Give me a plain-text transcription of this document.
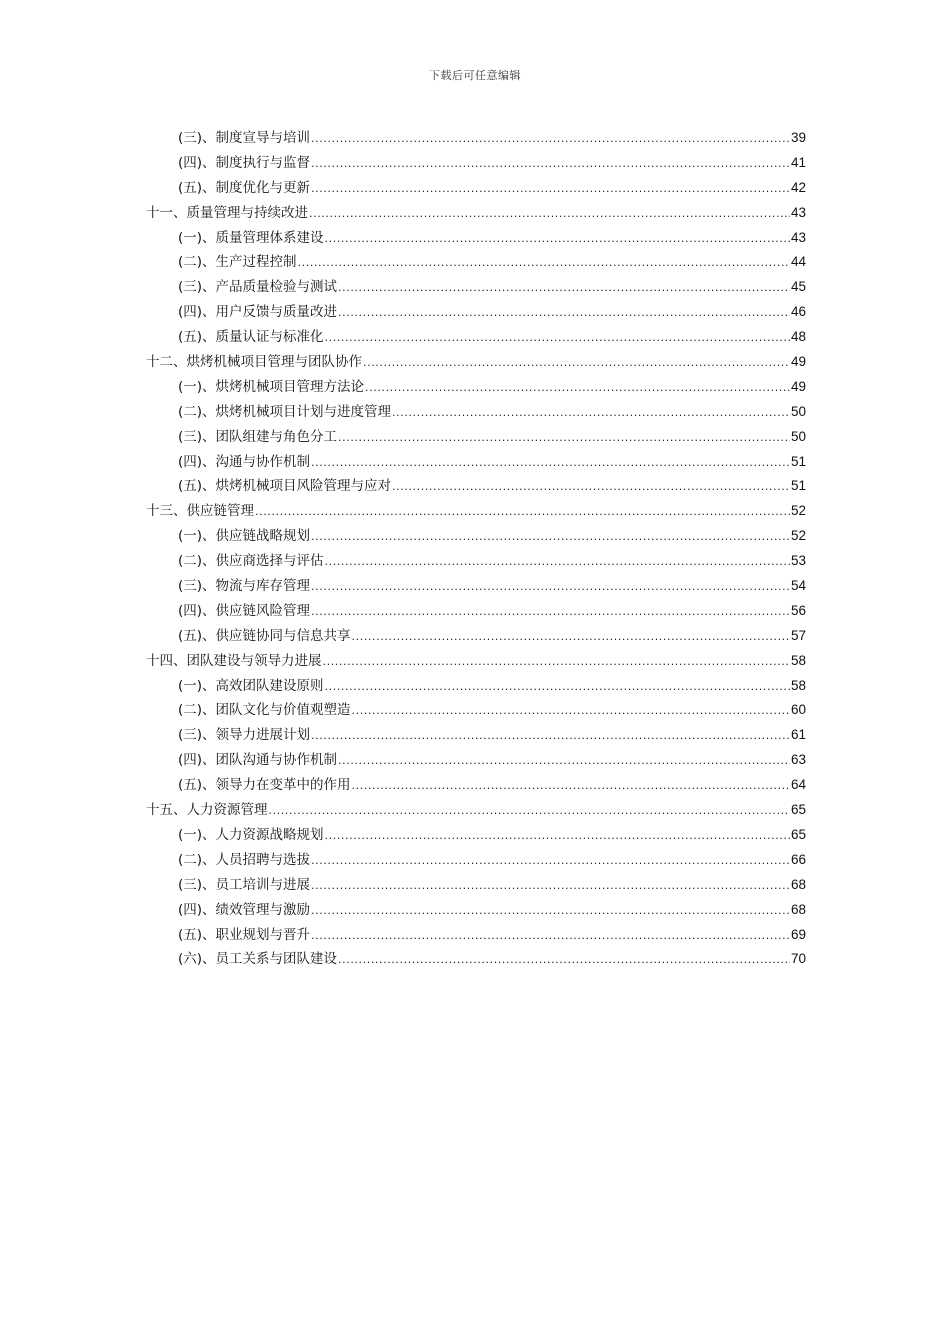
下载后可任意编辑
(三)、制度宣导与培训 .....	39
(四)、制度执行与监督 .....	41
(五)、制度优化与更新 .....	42
十一、质量管理与持续改进 .....	43
(一)、质量管理体系建设 .....	43
(二)、生产过程控制 .....	44
(三)、产品质量检验与测试 .....	45
(四)、用户反馈与质量改进 .....	46
(五)、质量认证与标准化 .....	48
十二、烘烤机械项目管理与团队协作 .....	49
(一)、烘烤机械项目管理方法论 .....	49
(二)、烘烤机械项目计划与进度管理 .....	50
(三)、团队组建与角色分工 .....	50
(四)、沟通与协作机制 .....	51
(五)、烘烤机械项目风险管理与应对 .....	51
十三、供应链管理 .....	52
(一)、供应链战略规划 .....	52
(二)、供应商选择与评估 .....	53
(三)、物流与库存管理 .....	54
(四)、供应链风险管理 .....	56
(五)、供应链协同与信息共享 .....	57
十四、团队建设与领导力进展 .....	58
(一)、高效团队建设原则 .....	58
(二)、团队文化与价值观塑造 .....	60
(三)、领导力进展计划 .....	61
(四)、团队沟通与协作机制 .....	63
(五)、领导力在变革中的作用 .....	64
十五、人力资源管理 .....	65
(一)、人力资源战略规划 .....	65
(二)、人员招聘与选拔 .....	66
(三)、员工培训与进展 .....	68
(四)、绩效管理与激励 .....	68
(五)、职业规划与晋升 .....	69
(六)、员工关系与团队建设 .....	70
